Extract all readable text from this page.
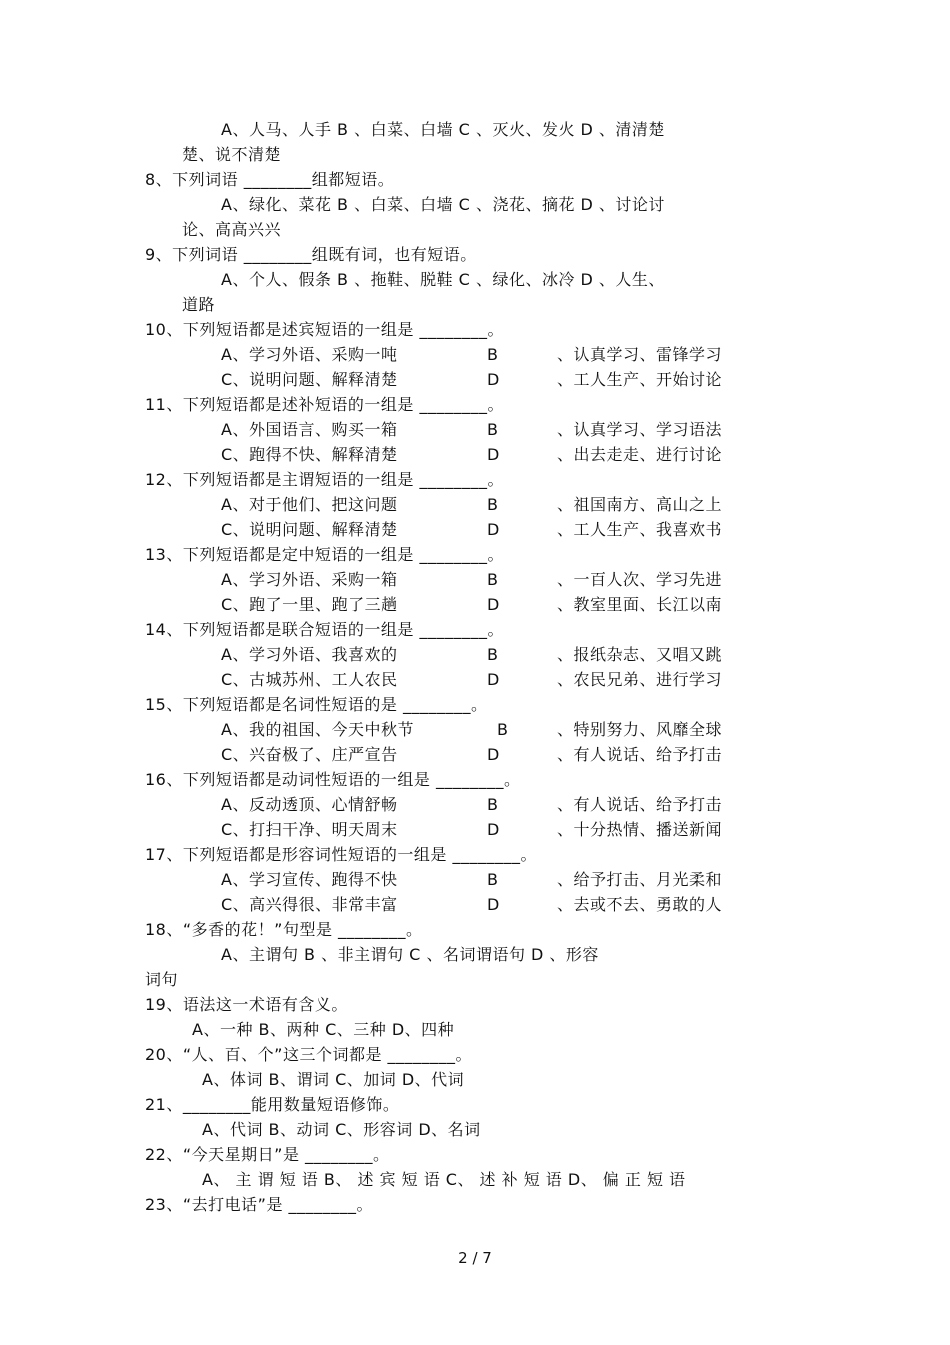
A、人马、人手 B 、白菜、白墙 C 、灭火、发火 D 、清清楚
楚、说不清楚
8、下列词语 ________组都短语。
A、绿化、菜花 B 、白菜、白墙 C 、浇花、摘花 D 、讨论讨
论、高高兴兴
9、下列词语 ________组既有词，也有短语。
A、个人、假条 B 、拖鞋、脱鞋 C 、绿化、冰冷 D 、人生、
道路
10、下列短语都是述宾短语的一组是 ________。
A、学习外语、采购一吨	B	、认真学习、雷锋学习
C、说明问题、解释清楚	D	、工人生产、开始讨论
11、下列短语都是述补短语的一组是 ________。
A、外国语言、购买一箱	B	、认真学习、学习语法
C、跑得不快、解释清楚	D	、出去走走、进行讨论
12、下列短语都是主谓短语的一组是 ________。
A、对于他们、把这问题	B	、祖国南方、高山之上
C、说明问题、解释清楚	D	、工人生产、我喜欢书
13、下列短语都是定中短语的一组是 ________。
A、学习外语、采购一箱	B	、一百人次、学习先进
C、跑了一里、跑了三趟	D	、教室里面、长江以南
14、下列短语都是联合短语的一组是 ________。
A、学习外语、我喜欢的	B	、报纸杂志、又唱又跳
C、古城苏州、工人农民	D	、农民兄弟、进行学习
15、下列短语都是名词性短语的是 ________。
A、我的祖国、今天中秋节	B	、特别努力、风靡全球
C、兴奋极了、庄严宣告	D	、有人说话、给予打击
16、下列短语都是动词性短语的一组是 ________。
A、反动透顶、心情舒畅	B	、有人说话、给予打击
C、打扫干净、明天周末	D	、十分热情、播送新闻
17、下列短语都是形容词性短语的一组是 ________。
A、学习宣传、跑得不快	B	、给予打击、月光柔和
C、高兴得很、非常丰富	D	、去或不去、勇敢的人
18、“多香的花！”句型是 ________。
A、主谓句 B 、非主谓句 C 、名词谓语句 D 、形容
词句
19、语法这一术语有含义。
A、一种 B、两种 C、三种 D、四种
20、“人、百、个”这三个词都是 ________。
A、体词 B、谓词 C、加词 D、代词
21、________能用数量短语修饰。
A、代词 B、动词 C、形容词 D、名词
22、“今天星期日”是 ________。
A、 主 谓 短 语 B、 述 宾 短 语 C、 述 补 短 语 D、 偏 正 短 语
23、“去打电话”是 ________。
2 / 7
